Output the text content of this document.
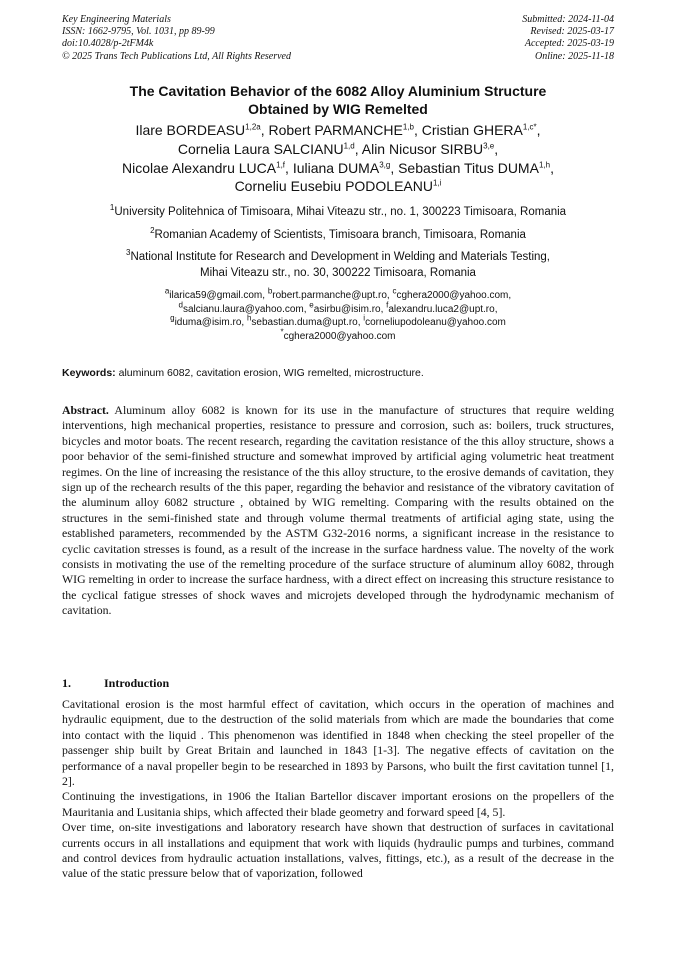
Key Engineering Materials
ISSN: 1662-9795, Vol. 1031, pp 89-99
doi:10.4028/p-2tFM4k
© 2025 Trans Tech Publications Ltd, All Rights Reserved
Submitted: 2024-11-04
Revised: 2025-03-17
Accepted: 2025-03-19
Online: 2025-11-18
The Cavitation Behavior of the 6082 Alloy Aluminium Structure
Obtained by WIG Remelted
Ilare $BORDEASU^{1,2a}$, Robert PARMANCHE$^{1,b}$, Cristian $GHERA^{1,c*}$,
Cornelia Laura SALCIANU$^{1,d}$, Alin Nicusor SIRBU$^{3,e}$,
Nicolae Alexandru LUCA$^{1,f}$, Iuliana DUMA$^{3,g}$, Sebastian Titus DUMA$^{1,h}$,
Corneliu Eusebiu PODOLEANU$^{1,i}$
$^1$University Politehnica of Timisoara, Mihai Viteazu str., no. 1, 300223 Timisoara, Romania
$^2$Romanian Academy of Scientists, Timisoara branch, Timisoara, Romania
$^3$National Institute for Research and Development in Welding and Materials Testing,
Mihai Viteazu str., no. 30, 300222 Timisoara, Romania
$^a$ilarica59@gmail.com, $^b$robert.parmanche@upt.ro, $^c$cghera2000@yahoo.com,
$^d$salcianu.laura@yahoo.com, $^e$asirbu@isim.ro, $^f$alexandru.luca2@upt.ro,
$^g$iduma@isim.ro, $^h$sebastian.duma@upt.ro, $^i$corneliupodoleanu@yahoo.com
*cghera2000@yahoo.com
Keywords: aluminum 6082, cavitation erosion, WIG remelted, microstructure.
Abstract. Aluminum alloy 6082 is known for its use in the manufacture of structures that require welding interventions, high mechanical properties, resistance to pressure and corrosion, such as: boilers, truck structures, bicycles and motor boats. The recent research, regarding the cavitation resistance of the this alloy structure, shows a poor behavior of the semi-finished structure and somewhat improved by artificial aging volumetric heat treatment regimes. On the line of increasing the resistance of the this alloy structure, to the erosive demands of cavitation, they sign up of the rechearch results of the this paper, regarding the behavior and resistance of the vibratory cavitation of the aluminum alloy 6082 structure , obtained by WIG remelting. Comparing with the results obtained on the structures in the semi-finished state and through volume thermal treatments of artificial aging state, using the established parameters, recommended by the ASTM G32-2016 norms, a significant increase in the resistance to cyclic cavitation stresses is found, as a result of the increase in the surface hardness value. The novelty of the work consists in motivating the use of the remelting procedure of the surface structure of aluminum alloy 6082, through WIG remelting in order to increase the surface hardness, with a direct effect on increasing this structure resistance to the cyclical fatigue stresses of shock waves and microjets developed through the hydrodynamic mechanism of cavitation.
1.	Introduction

Cavitational erosion is the most harmful effect of cavitation, which occurs in the operation of machines and hydraulic equipment, due to the destruction of the solid materials from which are made the boundaries that come into contact with the liquid . This phenomenon was identified in 1848 when checking the steel propeller of the passenger ship built by Great Britain and launched in 1843 [1-3]. The negative effects of cavitation on the performance of a naval propeller begin to be researched in 1893 by Parsons, who built the first cavitation tunnel [1, 2].

Continuing the investigations, in 1906 the Italian Bartellor discaver important erosions on the propellers of the Mauritania and Lusitania ships, which affected their blade geometry and forward speed [4, 5].

Over time, on-site investigations and laboratory research have shown that destruction of surfaces in cavitational currents occurs in all installations and equipment that work with liquids (hydraulic pumps and turbines, command and control devices from hydraulic actuation installations, valves, fittings, etc.), as a result of the decrease in the value of the static pressure below that of vaporization, followed
